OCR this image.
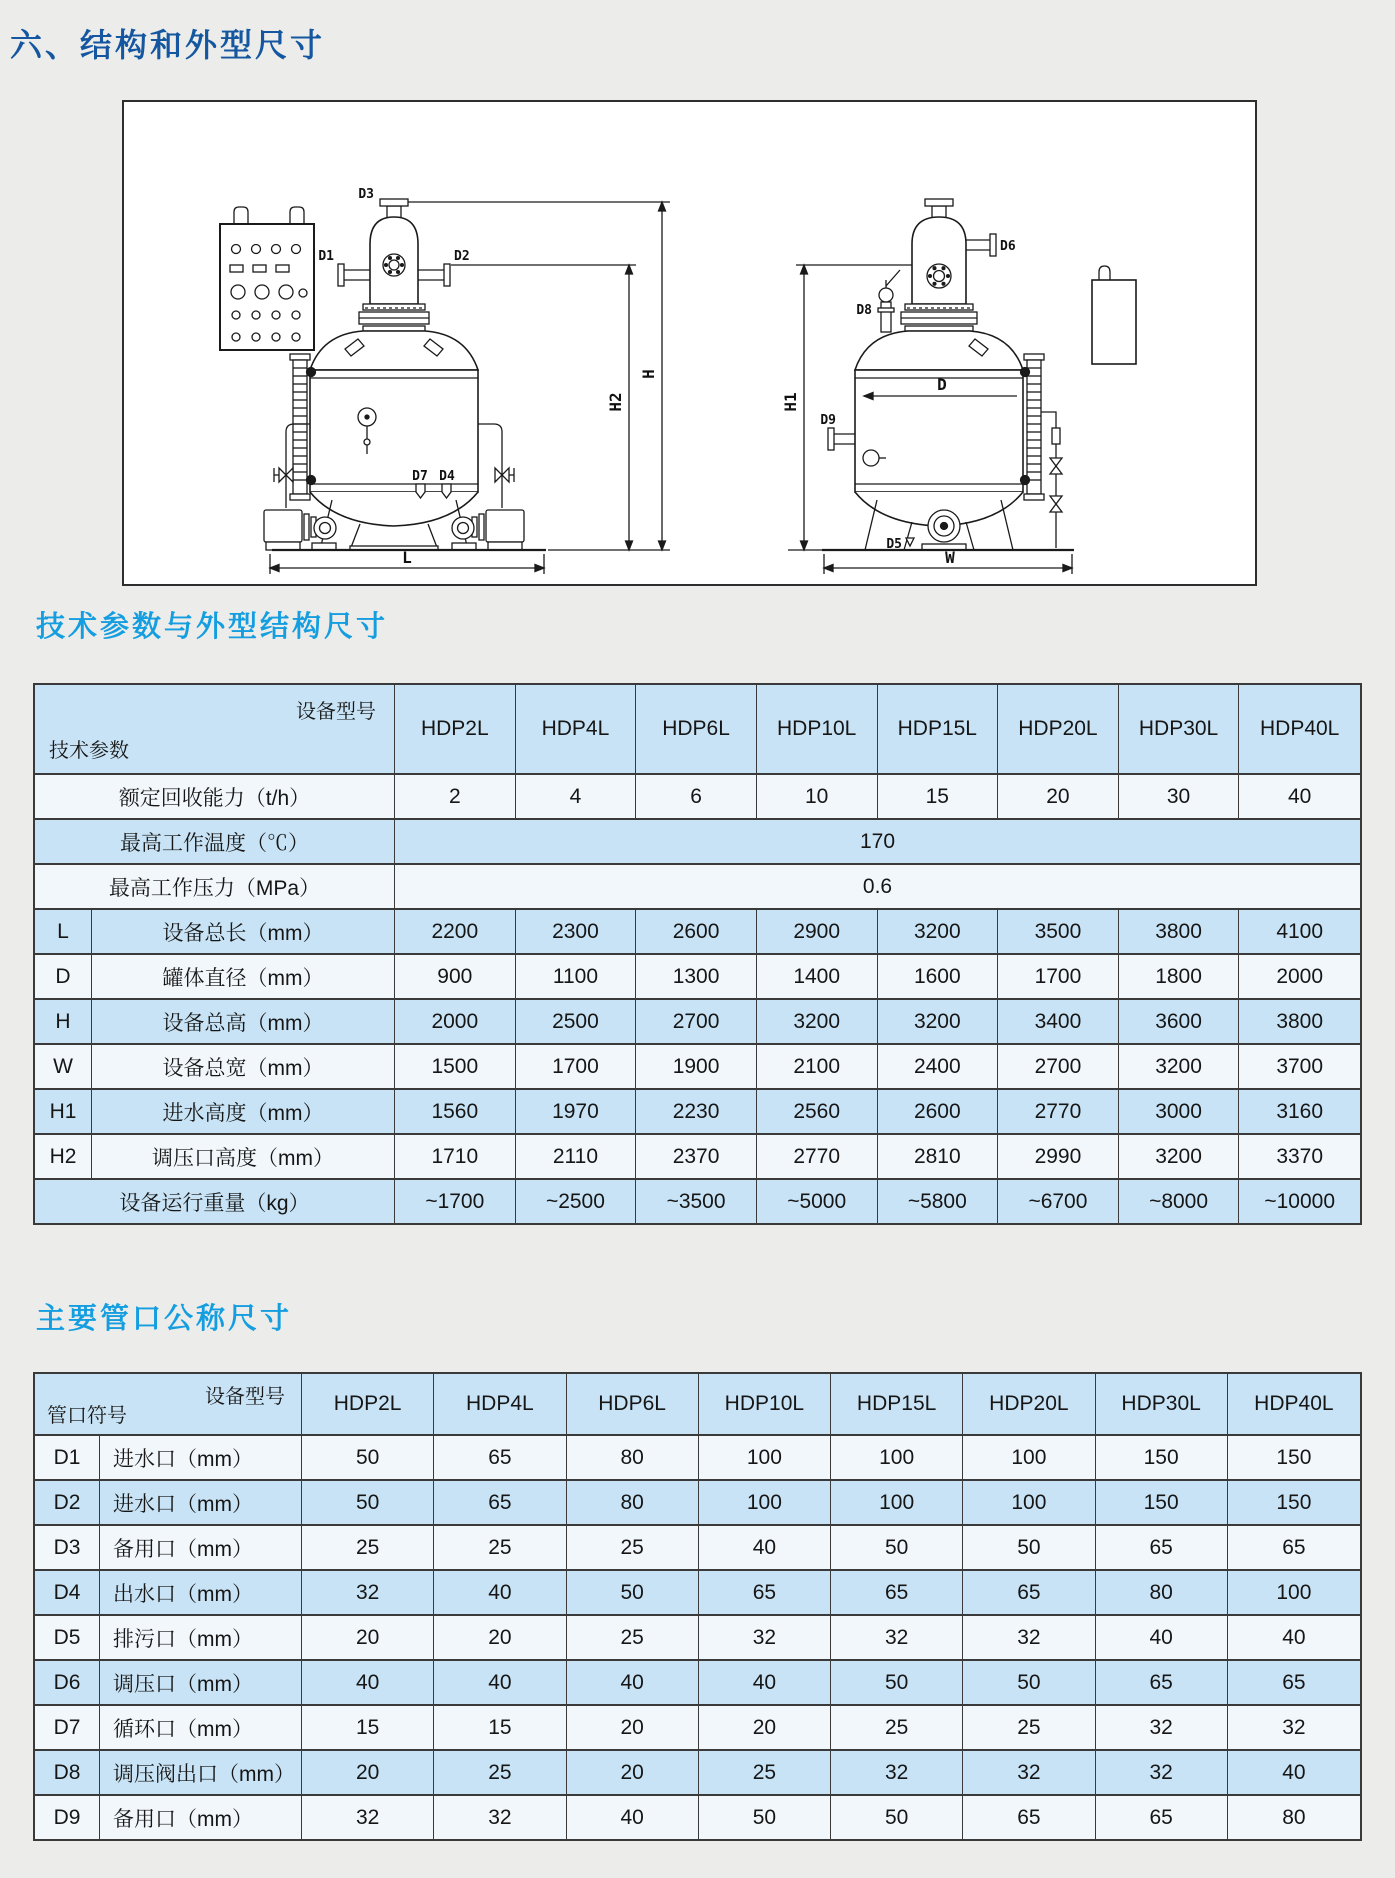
六、结构和外型尺寸
D3
D1	D2
D7 D4
L
H2
H
D6
D8
D9
D5
D
H1
W
技术参数与外型结构尺寸
设备型号
技术参数
HDP2L	HDP4L	HDP6L	HDP10L	HDP15L	HDP20L	HDP30L	HDP40L
额定回收能力（t/h）	2	4	6	10	15	20	30	40
最高工作温度（℃）	170
最高工作压力（MPa）	0.6
L	设备总长（mm）	2200	2300	2600	2900	3200	3500	3800	4100
D	罐体直径（mm）	900	1100	1300	1400	1600	1700	1800	2000
H	设备总高（mm）	2000	2500	2700	3200	3200	3400	3600	3800
W	设备总宽（mm）	1500	1700	1900	2100	2400	2700	3200	3700
H1	进水高度（mm）	1560	1970	2230	2560	2600	2770	3000	3160
H2	调压口高度（mm）	1710	2110	2370	2770	2810	2990	3200	3370
设备运行重量（kg）	~1700	~2500	~3500	~5000	~5800	~6700	~8000	~10000
主要管口公称尺寸
设备型号
管口符号
HDP2L	HDP4L	HDP6L	HDP10L	HDP15L	HDP20L	HDP30L	HDP40L
D1	进水口（mm）	50	65	80	100	100	100	150	150
D2	进水口（mm）	50	65	80	100	100	100	150	150
D3	备用口（mm）	25	25	25	40	50	50	65	65
D4	出水口（mm）	32	40	50	65	65	65	80	100
D5	排污口（mm）	20	20	25	32	32	32	40	40
D6	调压口（mm）	40	40	40	40	50	50	65	65
D7	循环口（mm）	15	15	20	20	25	25	32	32
D8	调压阀出口（mm）	20	25	20	25	32	32	32	40
D9	备用口（mm）	32	32	40	50	50	65	65	80
